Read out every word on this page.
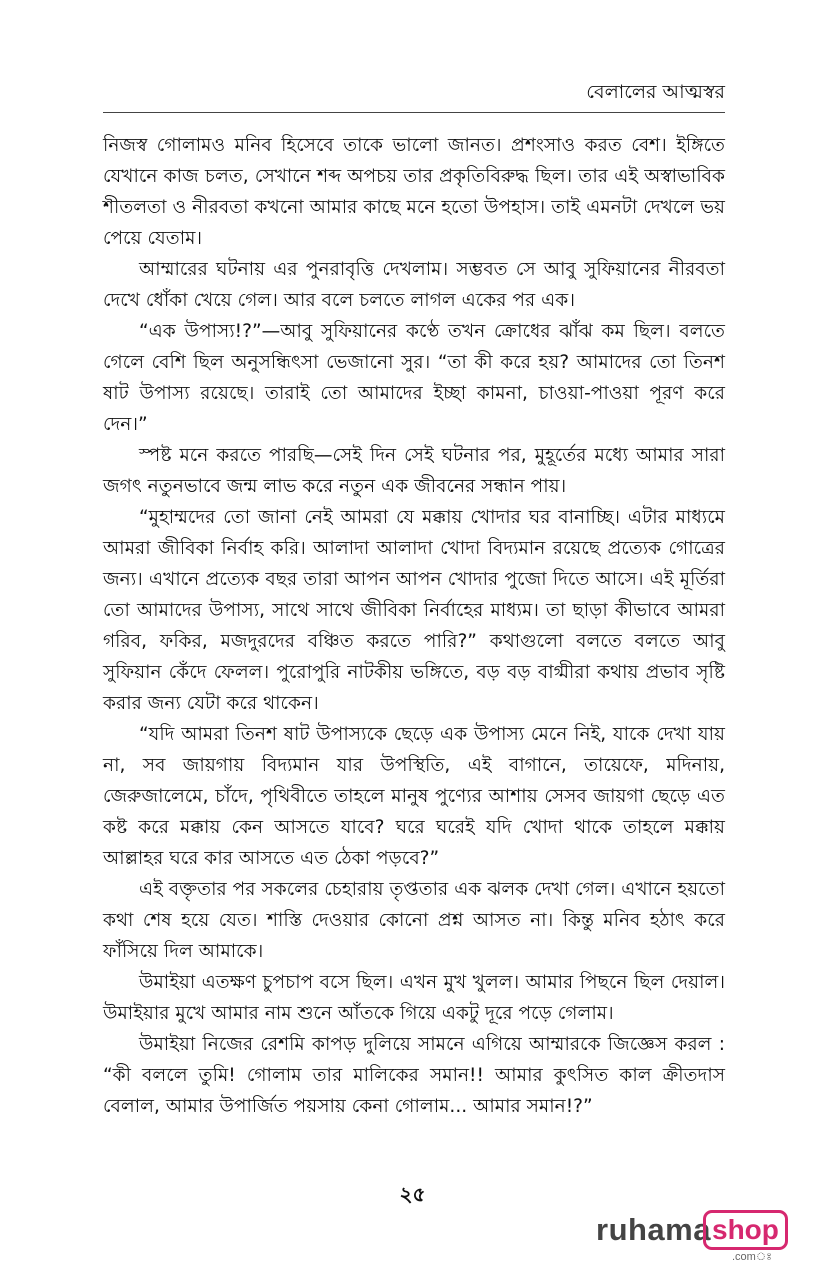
বেলালের আত্মস্বর

নিজস্ব গোলামও মনিব হিসেবে তাকে ভালো জানত। প্রশংসাও করত বেশ। ইঙ্গিতে যেখানে কাজ চলত, সেখানে শব্দ অপচয় তার প্রকৃতিবিরুদ্ধ ছিল। তার এই অস্বাভাবিক শীতলতা ও নীরবতা কখনো আমার কাছে মনে হতো উপহাস। তাই এমনটা দেখলে ভয় পেয়ে যেতাম।

আম্মারের ঘটনায় এর পুনরাবৃত্তি দেখলাম। সম্ভবত সে আবু সুফিয়ানের নীরবতা দেখে ধোঁকা খেয়ে গেল। আর বলে চলতে লাগল একের পর এক।

“এক উপাস্য!?”—আবু সুফিয়ানের কণ্ঠে তখন ক্রোধের ঝাঁঝ কম ছিল। বলতে গেলে বেশি ছিল অনুসন্ধিৎসা ভেজানো সুর। “তা কী করে হয়? আমাদের তো তিনশ ষাট উপাস্য রয়েছে। তারাই তো আমাদের ইচ্ছা কামনা, চাওয়া-পাওয়া পূরণ করে দেন।”

স্পষ্ট মনে করতে পারছি—সেই দিন সেই ঘটনার পর, মুহূর্তের মধ্যে আমার সারা জগৎ নতুনভাবে জন্ম লাভ করে নতুন এক জীবনের সন্ধান পায়।

“মুহাম্মদের তো জানা নেই আমরা যে মক্কায় খোদার ঘর বানাচ্ছি। এটার মাধ্যমে আমরা জীবিকা নির্বাহ করি। আলাদা আলাদা খোদা বিদ্যমান রয়েছে প্রত্যেক গোত্রের জন্য। এখানে প্রত্যেক বছর তারা আপন আপন খোদার পুজো দিতে আসে। এই মূর্তিরা তো আমাদের উপাস্য, সাথে সাথে জীবিকা নির্বাহের মাধ্যম। তা ছাড়া কীভাবে আমরা গরিব, ফকির, মজদুরদের বঞ্চিত করতে পারি?” কথাগুলো বলতে বলতে আবু সুফিয়ান কেঁদে ফেলল। পুরোপুরি নাটকীয় ভঙ্গিতে, বড় বড় বাগ্মীরা কথায় প্রভাব সৃষ্টি করার জন্য যেটা করে থাকেন।

“যদি আমরা তিনশ ষাট উপাস্যকে ছেড়ে এক উপাস্য মেনে নিই, যাকে দেখা যায় না, সব জায়গায় বিদ্যমান যার উপস্থিতি, এই বাগানে, তায়েফে, মদিনায়, জেরুজালেমে, চাঁদে, পৃথিবীতে তাহলে মানুষ পুণ্যের আশায় সেসব জায়গা ছেড়ে এত কষ্ট করে মক্কায় কেন আসতে যাবে? ঘরে ঘরেই যদি খোদা থাকে তাহলে মক্কায় আল্লাহর ঘরে কার আসতে এত ঠেকা পড়বে?”

এই বক্তৃতার পর সকলের চেহারায় তৃপ্ততার এক ঝলক দেখা গেল। এখানে হয়তো কথা শেষ হয়ে যেত। শাস্তি দেওয়ার কোনো প্রশ্ন আসত না। কিন্তু মনিব হঠাৎ করে ফাঁসিয়ে দিল আমাকে।

উমাইয়া এতক্ষণ চুপচাপ বসে ছিল। এখন মুখ খুলল। আমার পিছনে ছিল দেয়াল। উমাইয়ার মুখে আমার নাম শুনে আঁতকে গিয়ে একটু দূরে পড়ে গেলাম।

উমাইয়া নিজের রেশমি কাপড় দুলিয়ে সামনে এগিয়ে আম্মারকে জিজ্ঞেস করল : “কী বললে তুমি! গোলাম তার মালিকের সমান!! আমার কুৎসিত কাল ক্রীতদাস বেলাল, আমার উপার্জিত পয়সায় কেনা গোলাম... আমার সমান!?”

২৫
ruhama shop
.comঃ
